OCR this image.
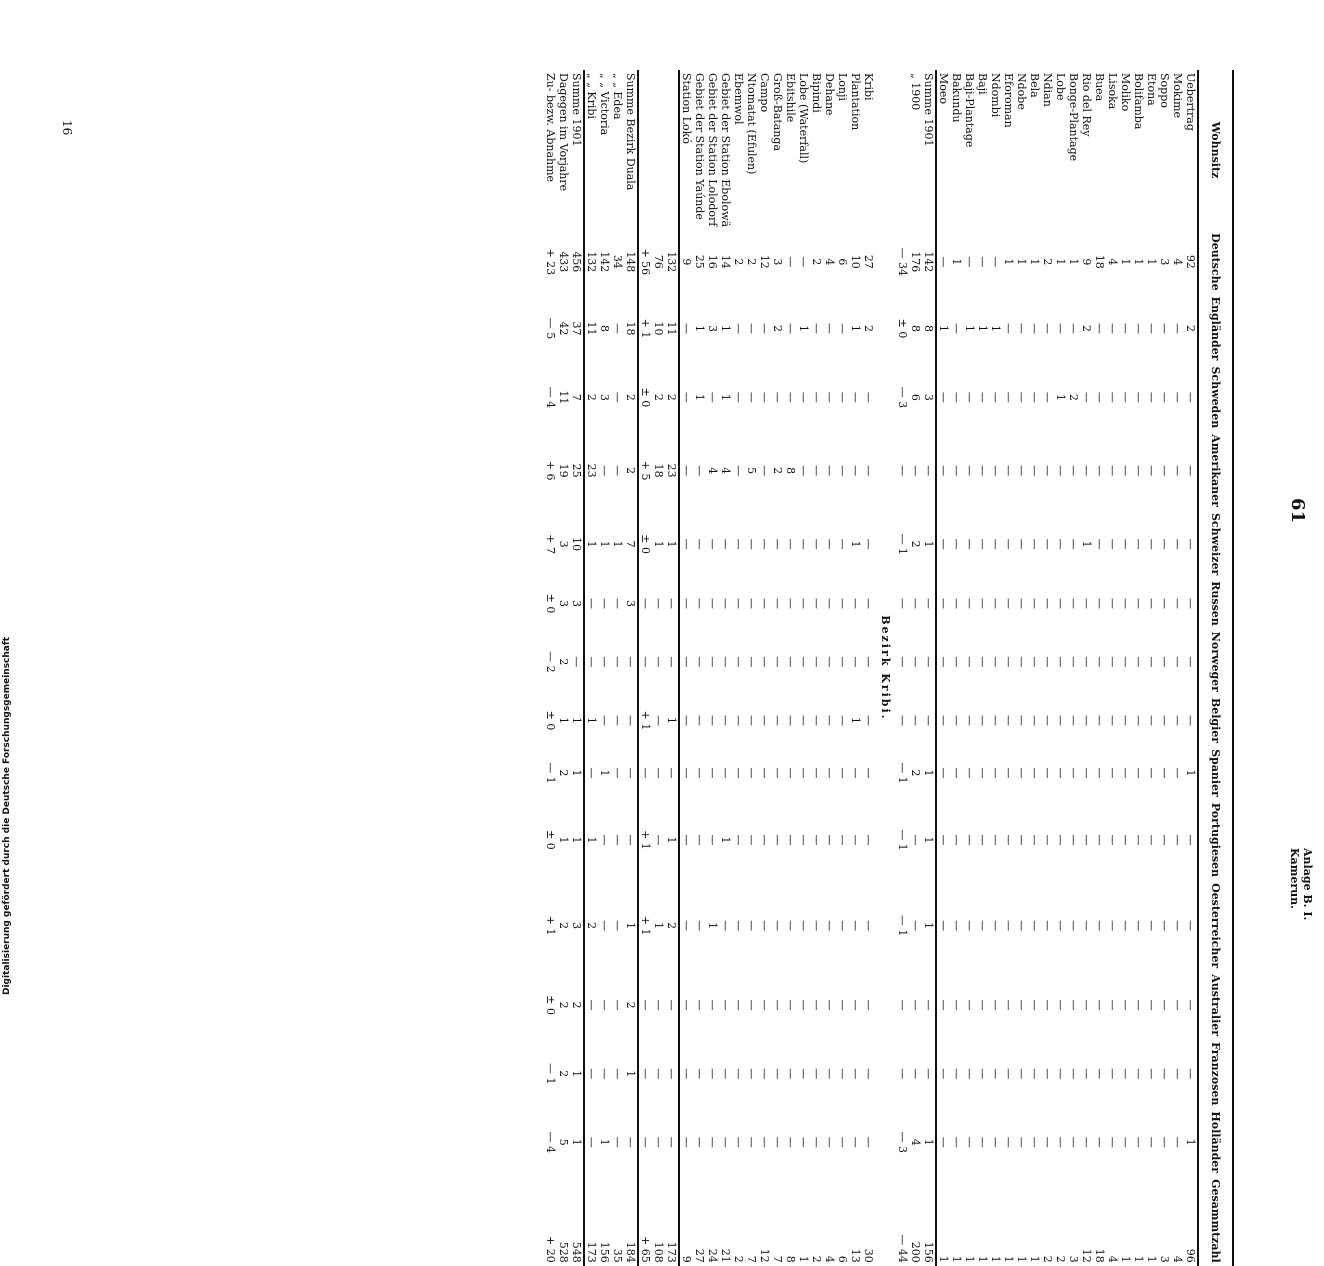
Anlage B. I.
Kamerun.
61
Wohnsitz	Deutsche	Engländer	Schweden	Amerikaner	Schweizer	Russen	Norweger	Belgier	Spanier	Portugiesen	Oesterreicher	Australier	Franzosen	Holländer	Gesammtzahl
Uebertrag	92	2	—	—	—	—	—	—	1	—	—	—	—	1	96
Mokime	4	—	—	—	—	—	—	—	—	—	—	—	—	—	4
Soppo	3	—	—	—	—	—	—	—	—	—	—	—	—	—	3
Etona	1	—	—	—	—	—	—	—	—	—	—	—	—	—	1
Bolifamba	1	—	—	—	—	—	—	—	—	—	—	—	—	—	1
Moliko	1	—	—	—	—	—	—	—	—	—	—	—	—	—	1
Lisoka	4	—	—	—	—	—	—	—	—	—	—	—	—	—	4
Buea	18	—	—	—	—	—	—	—	—	—	—	—	—	—	18
Rio del Rey	9	2	—	—	1	—	—	—	—	—	—	—	—	—	12
Bonge-Plantage	1	—	2	—	—	—	—	—	—	—	—	—	—	—	3
Lobe	1	—	1	—	—	—	—	—	—	—	—	—	—	—	2
Ndian	2	—	—	—	—	—	—	—	—	—	—	—	—	—	2
Bela	1	—	—	—	—	—	—	—	—	—	—	—	—	—	1
Ndobe	1	—	—	—	—	—	—	—	—	—	—	—	—	—	1
Eforoman	1	—	—	—	—	—	—	—	—	—	—	—	—	—	1
Ndombi	—	1	—	—	—	—	—	—	—	—	—	—	—	—	1
Baji	—	1	—	—	—	—	—	—	—	—	—	—	—	—	1
Baji-Plantage	—	1	—	—	—	—	—	—	—	—	—	—	—	—	1
Bakundu	1	—	—	—	—	—	—	—	—	—	—	—	—	—	1
Moeo	—	1	—	—	—	—	—	—	—	—	—	—	—	—	1
Summe 1901	142	8	3	—	1	—	—	—	1	1	1	—	—	1	156
„ 1900	176	8	6	—	2	—	—	—	2	—	—	—	—	4	200
	— 34	± 0	— 3	—	— 1	—	—	—	— 1	— 1	— 1	—	—	— 3	— 44
Bezirk Kribi.															
Kribi	27	2	—	—	—	—	—	—	—	—	—	—	—	—	30
Plantation	10	1	—	—	1	—	—	1	—	—	—	—	—	—	13
Lonji	6	—	—	—	—	—	—	—	—	—	—	—	—	—	6
Dehane	4	—	—	—	—	—	—	—	—	—	—	—	—	—	4
Bipindi	2	—	—	—	—	—	—	—	—	—	—	—	—	—	2
Lobe (Waterfall)	—	1	—	—	—	—	—	—	—	—	—	—	—	—	1
Ebitshile	—	—	—	8	—	—	—	—	—	—	—	—	—	—	8
Groß-Batanga	3	2	—	2	—	—	—	—	—	—	—	—	—	—	7
Campo	12	—	—	—	—	—	—	—	—	—	—	—	—	—	12
Ntomatat (Efulen)	2	—	—	5	—	—	—	—	—	—	—	—	—	—	7
Ebemwol	2	—	—	—	—	—	—	—	—	—	—	—	—	—	2
Gebiet der Station Ebolowä	14	1	1	4	—	—	—	—	—	1	—	—	—	—	21
Gebiet der Station Lolodorf	16	3	—	4	—	—	—	—	—	—	1	—	—	—	24
Gebiet der Station Yaúnde	25	1	1	—	—	—	—	—	—	—	—	—	—	—	27
Station Lokó	9	—	—	—	—	—	—	—	—	—	—	—	—	—	9
	132	11	2	23	1	—	—	1	—	1	2	—	—	—	173
	76	10	2	18	1	—	—	—	—	—	1	—	—	—	108
	+ 56	+ 1	± 0	+ 5	± 0	—	—	+ 1	—	+ 1	+ 1	—	—	—	+ 65
Summe Bezirk Duala	148	18	2	2	7	3	—	—	—	—	1	2	1	—	184
„ „ Edea	34	—	—	—	1	—	—	—	—	—	—	—	—	—	35
„ „ Victoria	142	8	3	—	1	—	—	—	1	—	—	—	—	1	156
„ „ Kribi	132	11	2	23	1	—	—	1	—	1	2	—	—	—	173
Summe 1901	456	37	7	25	10	3	—	1	1	1	3	2	1	1	548
Dagegen im Vorjahre	433	42	11	19	3	3	2	1	2	1	2	2	2	5	528
Zu- bezw. Abnahme	+ 23	— 5	— 4	+ 6	+ 7	± 0	— 2	± 0	— 1	± 0	+ 1	± 0	— 1	— 4	+ 20
16
Digitalisierung gefördert durch die Deutsche Forschungsgemeinschaft
